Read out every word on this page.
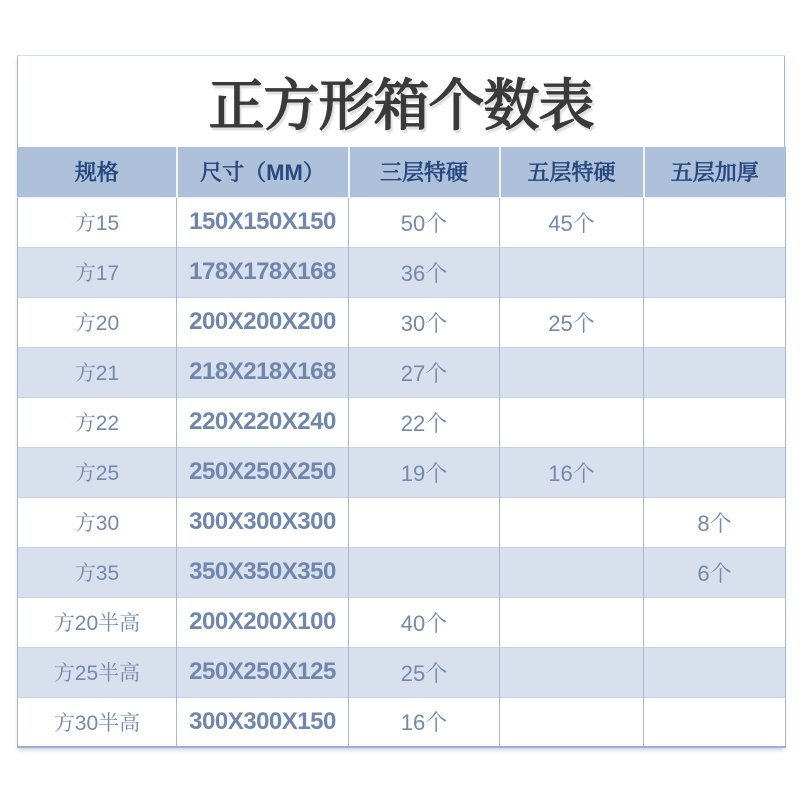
正方形箱个数表
规格	尺寸（MM）	三层特硬	五层特硬	五层加厚
方15	150X150X150	50个	45个	
方17	178X178X168	36个		
方20	200X200X200	30个	25个	
方21	218X218X168	27个		
方22	220X220X240	22个		
方25	250X250X250	19个	16个	
方30	300X300X300			8个
方35	350X350X350			6个
方20半高	200X200X100	40个		
方25半高	250X250X125	25个		
方30半高	300X300X150	16个		
